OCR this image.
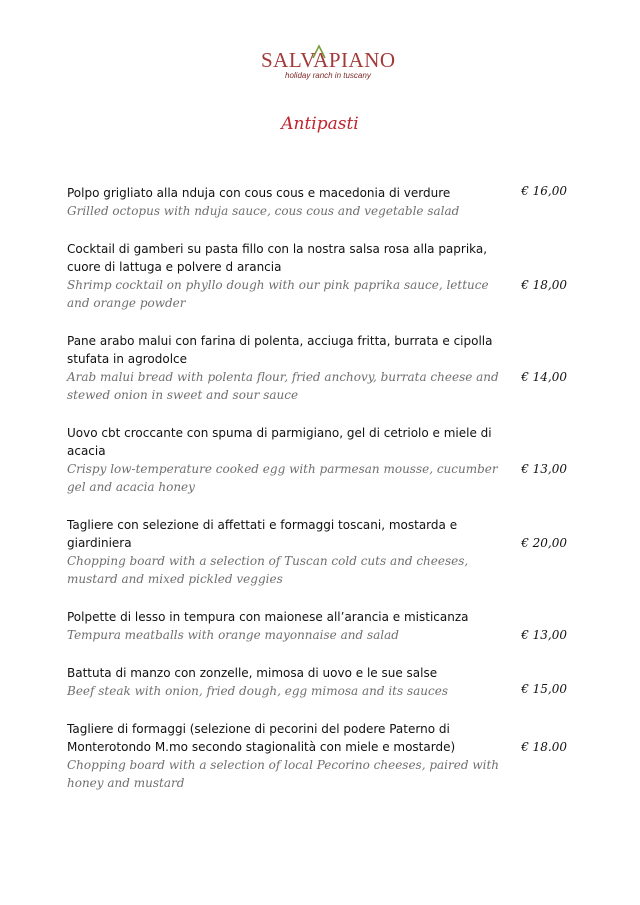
SALVAPIANO
holiday ranch in tuscany
Antipasti
Polpo grigliato alla nduja con cous cous e macedonia di verdure
Grilled octopus with nduja sauce, cous cous and vegetable salad
€ 16,00
Cocktail di gamberi su pasta fillo con la nostra salsa rosa alla paprika, cuore di lattuga e polvere d arancia
Shrimp cocktail on phyllo dough with our pink paprika sauce, lettuce and orange powder
€ 18,00
Pane arabo malui con farina di polenta, acciuga fritta, burrata e cipolla stufata in agrodolce
Arab malui bread with polenta flour, fried anchovy, burrata cheese and stewed onion in sweet and sour sauce
€ 14,00
Uovo cbt croccante con spuma di parmigiano, gel di cetriolo e miele di acacia
Crispy low-temperature cooked egg with parmesan mousse, cucumber gel and acacia honey
€ 13,00
Tagliere con selezione di affettati e formaggi toscani, mostarda e giardiniera
Chopping board with a selection of Tuscan cold cuts and cheeses, mustard and mixed pickled veggies
€ 20,00
Polpette di lesso in tempura con maionese all’arancia e misticanza
Tempura meatballs with orange mayonnaise and salad	€ 13,00
Battuta di manzo con zonzelle, mimosa di uovo e le sue salse
Beef steak with onion, fried dough, egg mimosa and its sauces	€ 15,00
Tagliere di formaggi (selezione di pecorini del podere Paterno di Monterotondo M.mo secondo stagionalità con miele e mostarde)
Chopping board with a selection of local Pecorino cheeses, paired with honey and mustard
€ 18.00
